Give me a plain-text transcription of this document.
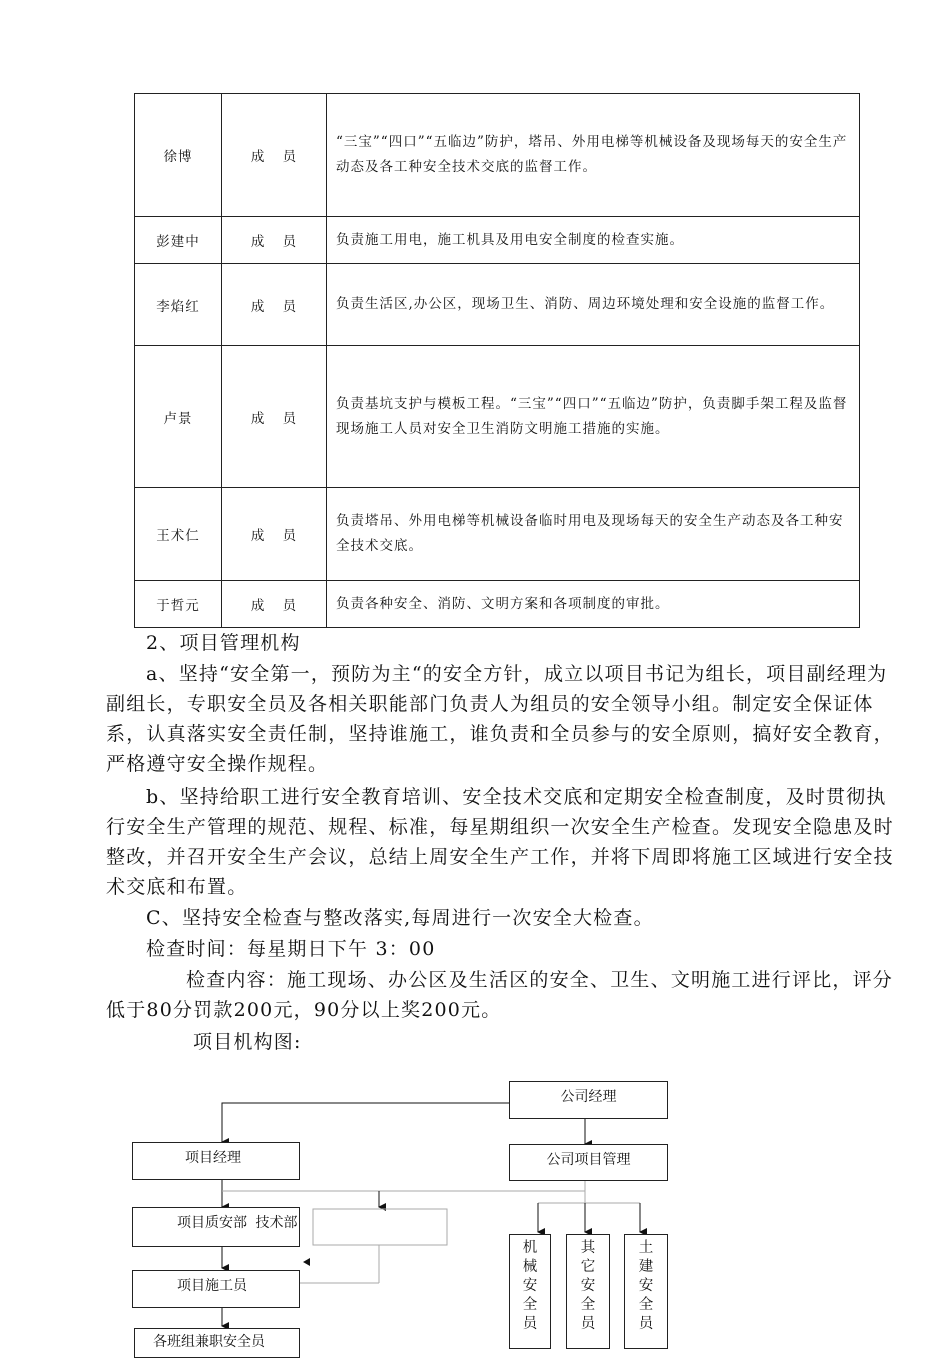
徐博	成 员	“三宝”“四口”“五临边”防护，塔吊、外用电梯等机械设备及现场每天的安全生产动态及各工种安全技术交底的监督工作。
彭建中	成 员	负责施工用电，施工机具及用电安全制度的检查实施。
李焰红	成 员	负责生活区,办公区，现场卫生、消防、周边环境处理和安全设施的监督工作。
卢景	成 员	负责基坑支护与模板工程。“三宝”“四口”“五临边”防护，负责脚手架工程及监督现场施工人员对安全卫生消防文明施工措施的实施。
王术仁	成 员	负责塔吊、外用电梯等机械设备临时用电及现场每天的安全生产动态及各工种安全技术交底。
于哲元	成 员	负责各种安全、消防、文明方案和各项制度的审批。

2、项目管理机构

a、坚持“安全第一，预防为主“的安全方针，成立以项目书记为组长，项目副经理为副组长，专职安全员及各相关职能部门负责人为组员的安全领导小组。制定安全保证体系，认真落实安全责任制，坚持谁施工，谁负责和全员参与的安全原则，搞好安全教育，严格遵守安全操作规程。

b、坚持给职工进行安全教育培训、安全技术交底和定期安全检查制度，及时贯彻执行安全生产管理的规范、规程、标准，每星期组织一次安全生产检查。发现安全隐患及时整改，并召开安全生产会议，总结上周安全生产工作，并将下周即将施工区域进行安全技术交底和布置。

C、坚持安全检查与整改落实,每周进行一次安全大检查。

检查时间：每星期日下午 3：00

检查内容：施工现场、办公区及生活区的安全、卫生、文明施工进行评比，评分低于80分罚款200元，90分以上奖200元。

项目机构图:

公司经理
公司项目管理
项目经理
项目质安部 技术部
项目施工员
各班组兼职安全员
机械安全员
其它安全员
土建安全员
